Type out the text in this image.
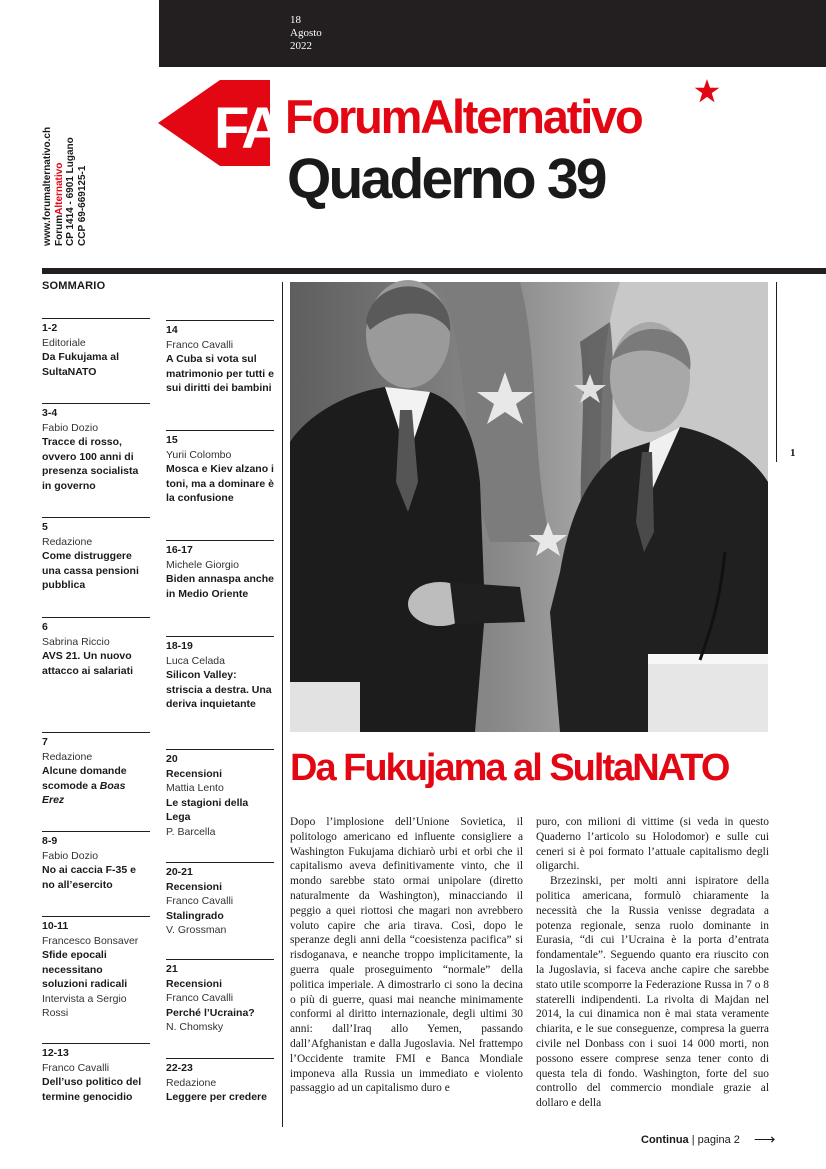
18
Agosto
2022
FA ForumAlternativo
Quaderno 39
www.forumalternativo.ch ForumAlternativo CP 1414 - 6901 Lugano CCP 69-669125-1
SOMMARIO
1-2
Editoriale
Da Fukujama al SultaNATO
3-4
Fabio Dozio
Tracce di rosso, ovvero 100 anni di presenza socialista in governo
5
Redazione
Come distruggere una cassa pensioni pubblica
6
Sabrina Riccio
AVS 21. Un nuovo attacco ai salariati
7
Redazione
Alcune domande scomode a Boas Erez
8-9
Fabio Dozio
No ai caccia F-35 e no all’esercito
10-11
Francesco Bonsaver
Sfide epocali necessitano soluzioni radicali
Intervista a Sergio Rossi
12-13
Franco Cavalli
Dell’uso politico del termine genocidio
14
Franco Cavalli
A Cuba si vota sul matrimonio per tutti e sui diritti dei bambini
15
Yurii Colombo
Mosca e Kiev alzano i toni, ma a dominare è la confusione
16-17
Michele Giorgio
Biden annaspa anche in Medio Oriente
18-19
Luca Celada
Silicon Valley: striscia a destra. Una deriva inquietante
20
Recensioni
Mattia Lento
Le stagioni della Lega
P. Barcella
20-21
Recensioni
Franco Cavalli
Stalingrado
V. Grossman
21
Recensioni
Franco Cavalli
Perché l’Ucraina?
N. Chomsky
22-23
Redazione
Leggere per credere
1
Da Fukujama al SultaNATO

Dopo l’implosione dell’Unione Sovietica, il politologo americano ed influente consigliere a Washington Fukujama dichiarò urbi et orbi che il capitalismo aveva definitivamente vinto, che il mondo sarebbe stato ormai unipolare (diretto naturalmente da Washington), minacciando il peggio a quei riottosi che magari non avrebbero voluto capire che aria tirava. Così, dopo le speranze degli anni della “coesistenza pacifica” si risdoganava, e neanche troppo implicitamente, la guerra quale proseguimento “normale” della politica imperiale. A dimostrarlo ci sono la decina o più di guerre, quasi mai neanche minimamente conformi al diritto internazionale, degli ultimi 30 anni: dall’Iraq allo Yemen, passando dall’Afghanistan e dalla Jugoslavia. Nel frattempo l’Occidente tramite FMI e Banca Mondiale imponeva alla Russia un immediato e violento passaggio ad un capitalismo duro e

puro, con milioni di vittime (si veda in questo Quaderno l’articolo su Holodomor) e sulle cui ceneri si è poi formato l’attuale capitalismo degli oligarchi.

Brzezinski, per molti anni ispiratore della politica americana, formulò chiaramente la necessità che la Russia venisse degradata a potenza regionale, senza ruolo dominante in Eurasia, “di cui l’Ucraina è la porta d’entrata fondamentale”. Seguendo quanto era riuscito con la Jugoslavia, si faceva anche capire che sarebbe stato utile scomporre la Federazione Russa in 7 o 8 staterelli indipendenti. La rivolta di Majdan nel 2014, la cui dinamica non è mai stata veramente chiarita, e le sue conseguenze, compresa la guerra civile nel Donbass con i suoi 14 000 morti, non possono essere comprese senza tener conto di questa tela di fondo. Washington, forte del suo controllo del commercio mondiale grazie al dollaro e della

Continua | pagina 2 ⟶
